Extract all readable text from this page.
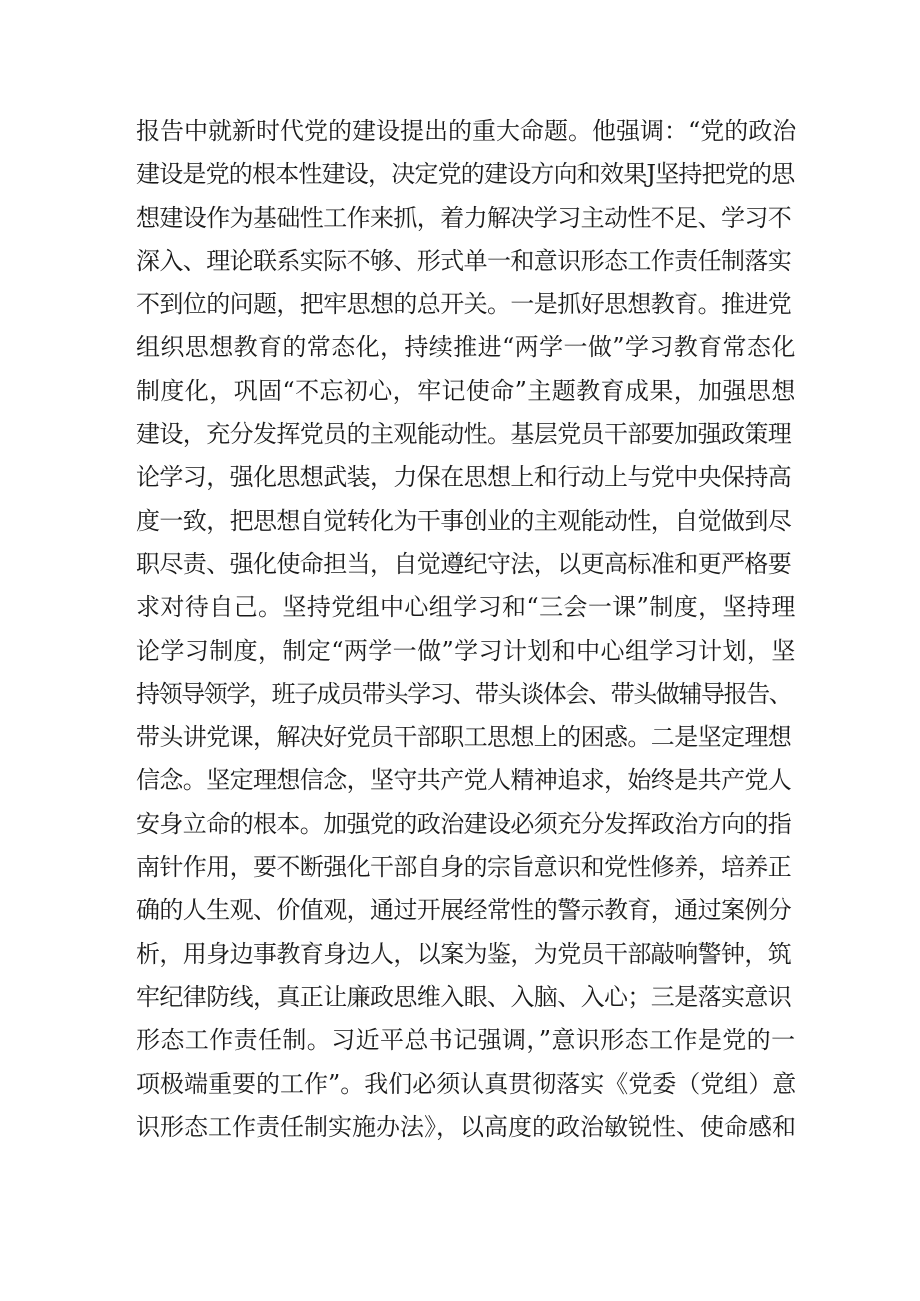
报告中就新时代党的建设提出的重大命题。他强调：“党的政治
建设是党的根本性建设，决定党的建设方向和效果J坚持把党的思
想建设作为基础性工作来抓，着力解决学习主动性不足、学习不
深入、理论联系实际不够、形式单一和意识形态工作责任制落实
不到位的问题，把牢思想的总开关。一是抓好思想教育。推进党
组织思想教育的常态化，持续推进“两学一做”学习教育常态化
制度化，巩固“不忘初心，牢记使命”主题教育成果，加强思想
建设，充分发挥党员的主观能动性。基层党员干部要加强政策理
论学习，强化思想武装，力保在思想上和行动上与党中央保持高
度一致，把思想自觉转化为干事创业的主观能动性，自觉做到尽
职尽责、强化使命担当，自觉遵纪守法，以更高标准和更严格要
求对待自己。坚持党组中心组学习和“三会一课”制度，坚持理
论学习制度，制定“两学一做”学习计划和中心组学习计划，坚
持领导领学，班子成员带头学习、带头谈体会、带头做辅导报告、
带头讲党课，解决好党员干部职工思想上的困惑。二是坚定理想
信念。坚定理想信念，坚守共产党人精神追求，始终是共产党人
安身立命的根本。加强党的政治建设必须充分发挥政治方向的指
南针作用，要不断强化干部自身的宗旨意识和党性修养，培养正
确的人生观、价值观，通过开展经常性的警示教育，通过案例分
析，用身边事教育身边人，以案为鉴，为党员干部敲响警钟，筑
牢纪律防线，真正让廉政思维入眼、入脑、入心；三是落实意识
形态工作责任制。习近平总书记强调，”意识形态工作是党的一
项极端重要的工作”。我们必须认真贯彻落实《党委（党组）意
识形态工作责任制实施办法》，以高度的政治敏锐性、使命感和
